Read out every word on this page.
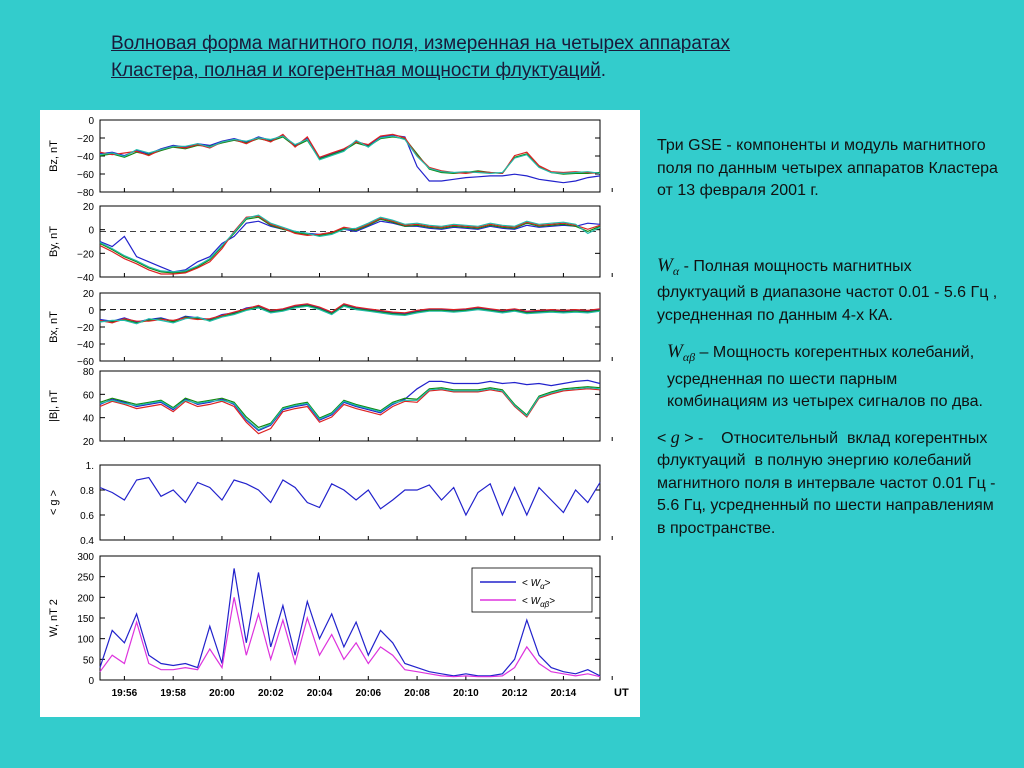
Волновая форма магнитного поля, измеренная на четырех аппаратах
Кластера, полная и когерентная мощности флуктуаций.
0
−20
−40
−60
−80
Bz, nT
20
0
−20
−40
By, nT
20
0
−20
−40
−60
Bx, nT
80
60
40
20
|B|, nT
1.
0.8
0.6
0.4
< g >
300
250
200
150
100
50
0
W, nT 2
19:56 19:58 20:00 20:02 20:04 20:06 20:08 20:10 20:12 20:14	UT
< $W_\alpha>$
< $W_{\alpha\beta}>$

Три GSE - компоненты и модуль магнитного поля по данным четырех аппаратов Кластера от 13 февраля 2001 г.

$W_\alpha$ - Полная мощность магнитных флуктуаций в диапазоне частот 0.01 - 5.6 Гц , усредненная по данным 4-х КА.

$W_{\alpha\beta}$ – Мощность когерентных колебаний, усредненная по шести парным комбинациям из четырех сигналов по два.

< g > -    Относительный  вклад когерентных флуктуаций  в полную энергию колебаний магнитного поля в интервале частот 0.01 Гц - 5.6 Гц, усредненный по шести направлениям в пространстве.
